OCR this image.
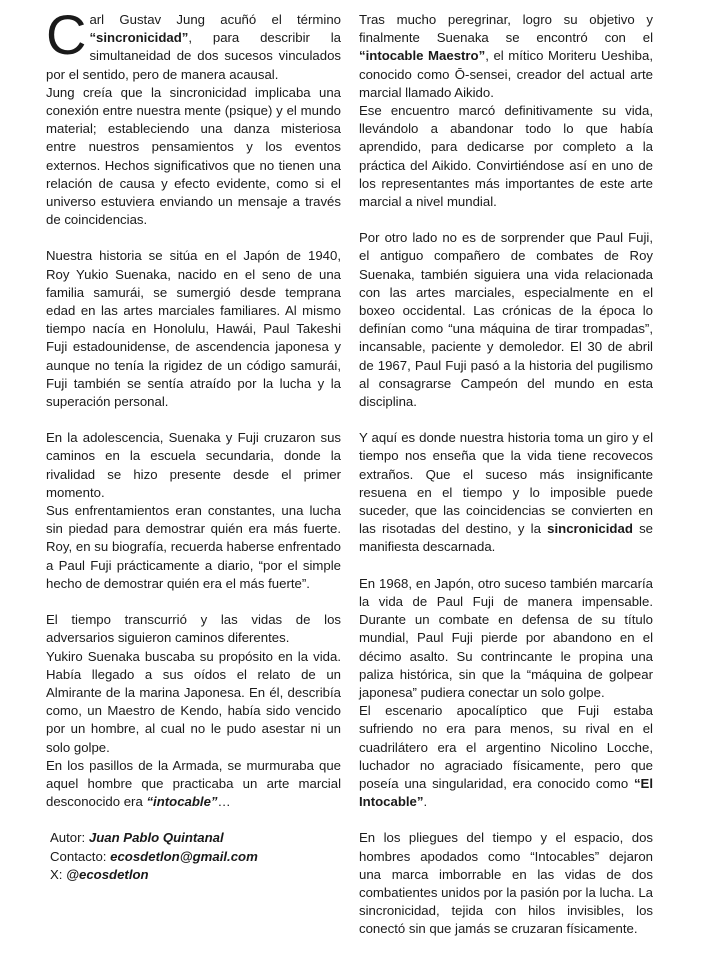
Carl Gustav Jung acuñó el término “sincronicidad”, para describir la simultaneidad de dos sucesos vinculados por el sentido, pero de manera acausal.

Jung creía que la sincronicidad implicaba una conexión entre nuestra mente (psique) y el mundo material; estableciendo una danza misteriosa entre nuestros pensamientos y los eventos externos. Hechos significativos que no tienen una relación de causa y efecto evidente, como si el universo estuviera enviando un mensaje a través de coincidencias.

Nuestra historia se sitúa en el Japón de 1940, Roy Yukio Suenaka, nacido en el seno de una familia samurái, se sumergió desde temprana edad en las artes marciales familiares. Al mismo tiempo nacía en Honolulu, Hawái, Paul Takeshi Fuji estadounidense, de ascendencia japonesa y aunque no tenía la rigidez de un código samurái, Fuji también se sentía atraído por la lucha y la superación personal.

En la adolescencia, Suenaka y Fuji cruzaron sus caminos en la escuela secundaria, donde la rivalidad se hizo presente desde el primer momento.

Sus enfrentamientos eran constantes, una lucha sin piedad para demostrar quién era más fuerte. Roy, en su biografía, recuerda haberse enfrentado a Paul Fuji prácticamente a diario, “por el simple hecho de demostrar quién era el más fuerte”.

El tiempo transcurrió y las vidas de los adversarios siguieron caminos diferentes.

Yukiro Suenaka buscaba su propósito en la vida. Había llegado a sus oídos el relato de un Almirante de la marina Japonesa. En él, describía como, un Maestro de Kendo, había sido vencido por un hombre, al cual no le pudo asestar ni un solo golpe.

En los pasillos de la Armada, se murmuraba que aquel hombre que practicaba un arte marcial desconocido era “intocable”…

Autor: Juan Pablo Quintanal

Contacto: ecosdetlon@gmail.com

X: @ecosdetlon

Tras mucho peregrinar, logro su objetivo y finalmente Suenaka se encontró con el “intocable Maestro”, el mítico Moriteru Ueshiba, conocido como Ō-sensei, creador del actual arte marcial llamado Aikido.

Ese encuentro marcó definitivamente su vida, llevándolo a abandonar todo lo que había aprendido, para dedicarse por completo a la práctica del Aikido. Convirtiéndose así en uno de los representantes más importantes de este arte marcial a nivel mundial.

Por otro lado no es de sorprender que Paul Fuji, el antiguo compañero de combates de Roy Suenaka, también siguiera una vida relacionada con las artes marciales, especialmente en el boxeo occidental. Las crónicas de la época lo definían como “una máquina de tirar trompadas”, incansable, paciente y demoledor. El 30 de abril de 1967, Paul Fuji pasó a la historia del pugilismo al consagrarse Campeón del mundo en esta disciplina.

Y aquí es donde nuestra historia toma un giro y el tiempo nos enseña que la vida tiene recovecos extraños. Que el suceso más insignificante resuena en el tiempo y lo imposible puede suceder, que las coincidencias se convierten en las risotadas del destino, y la sincronicidad se manifiesta descarnada.

En 1968, en Japón, otro suceso también marcaría la vida de Paul Fuji de manera impensable. Durante un combate en defensa de su título mundial, Paul Fuji pierde por abandono en el décimo asalto. Su contrincante le propina una paliza histórica, sin que la “máquina de golpear japonesa” pudiera conectar un solo golpe.

El escenario apocalíptico que Fuji estaba sufriendo no era para menos, su rival en el cuadrilátero era el argentino Nicolino Locche, luchador no agraciado físicamente, pero que poseía una singularidad, era conocido como “El Intocable”.

En los pliegues del tiempo y el espacio, dos hombres apodados como “Intocables” dejaron una marca imborrable en las vidas de dos combatientes unidos por la pasión por la lucha. La sincronicidad, tejida con hilos invisibles, los conectó sin que jamás se cruzaran físicamente.
